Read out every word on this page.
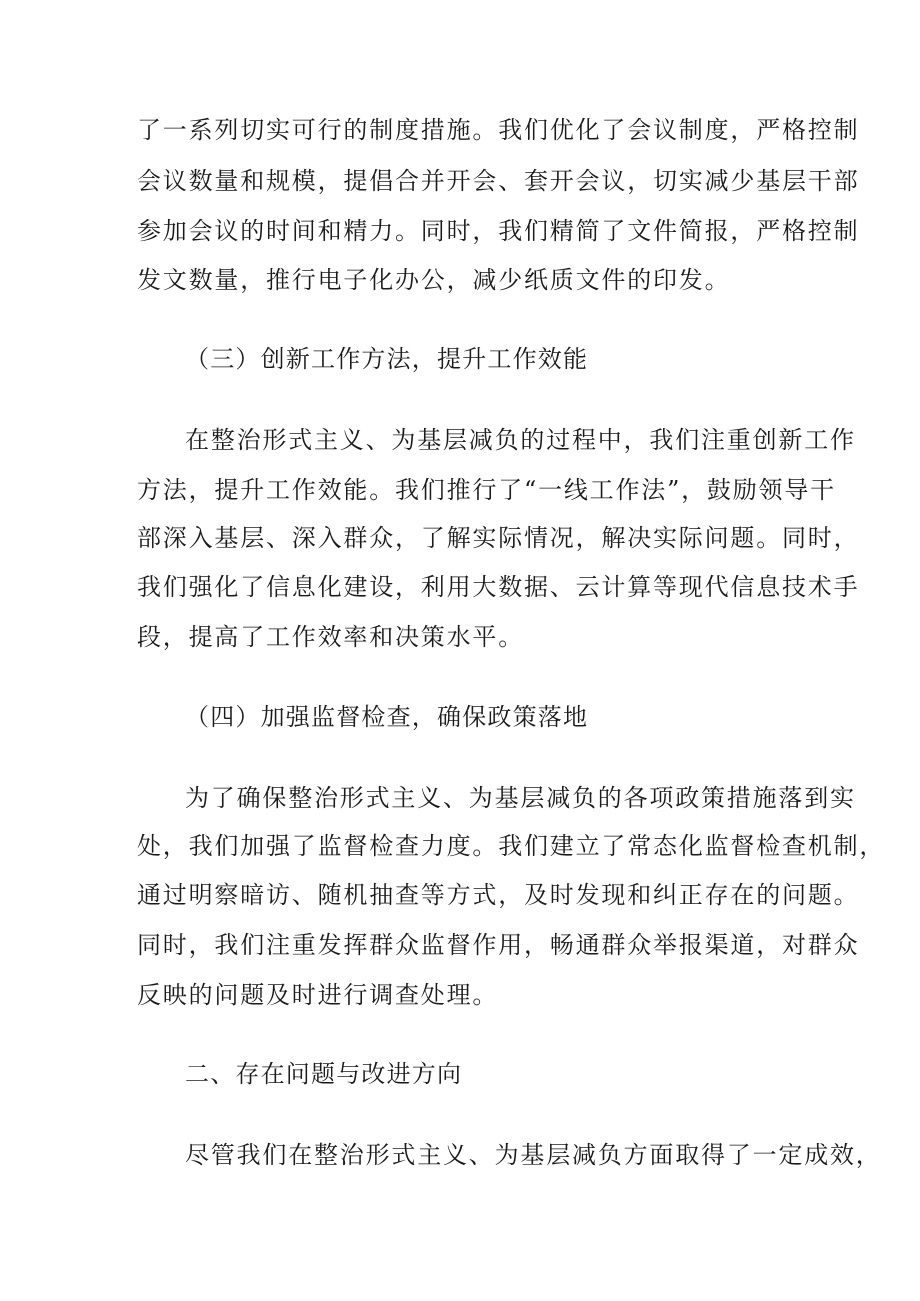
了一系列切实可行的制度措施。我们优化了会议制度，严格控制

会议数量和规模，提倡合并开会、套开会议，切实减少基层干部

参加会议的时间和精力。同时，我们精简了文件简报，严格控制

发文数量，推行电子化办公，减少纸质文件的印发。

（三）创新工作方法，提升工作效能

在整治形式主义、为基层减负的过程中，我们注重创新工作

方法，提升工作效能。我们推行了“一线工作法”，鼓励领导干

部深入基层、深入群众，了解实际情况，解决实际问题。同时，

我们强化了信息化建设，利用大数据、云计算等现代信息技术手

段，提高了工作效率和决策水平。

（四）加强监督检查，确保政策落地

为了确保整治形式主义、为基层减负的各项政策措施落到实

处，我们加强了监督检查力度。我们建立了常态化监督检查机制，

通过明察暗访、随机抽查等方式，及时发现和纠正存在的问题。

同时，我们注重发挥群众监督作用，畅通群众举报渠道，对群众

反映的问题及时进行调查处理。

二、存在问题与改进方向

尽管我们在整治形式主义、为基层减负方面取得了一定成效，
